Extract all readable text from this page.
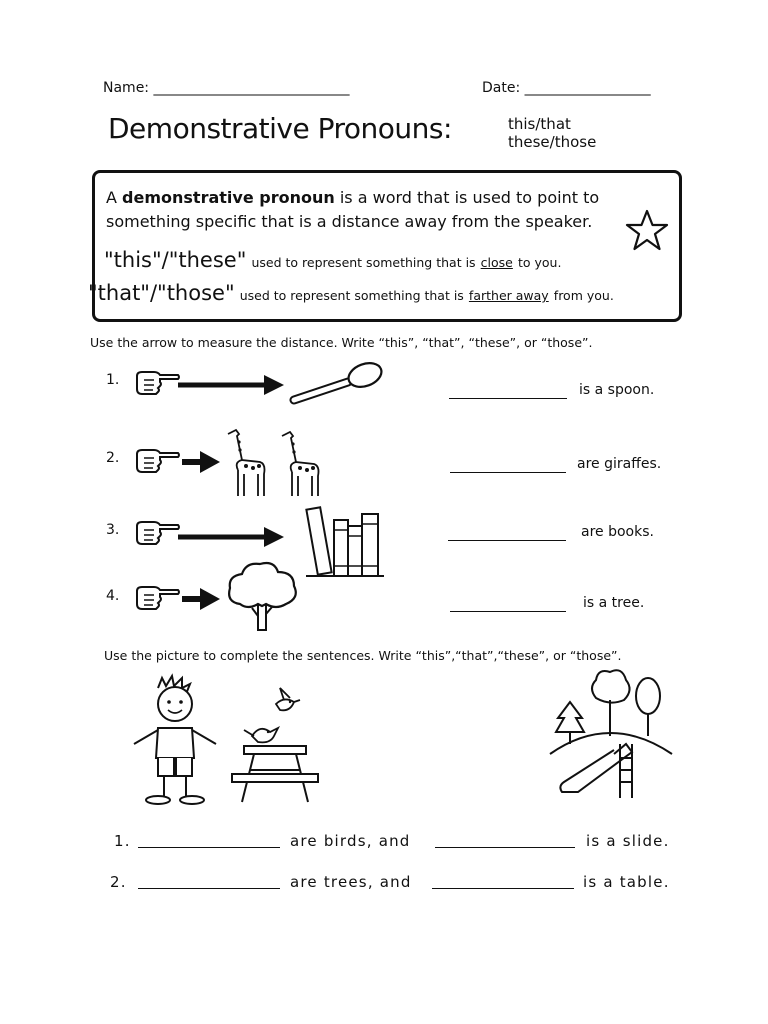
Name: ____________________________	Date: __________________
Demonstrative Pronouns:	this/that
these/those
A demonstrative pronoun is a word that is used to point to
something specific that is a distance away from the speaker.
"this"/"these" used to represent something that is close to you.
"that"/"those" used to represent something that is farther away from you.
Use the arrow to measure the distance. Write “this”, “that”, “these”, or “those”.
1.
is a spoon.
2.	are giraffes.
3.	are books.
4.	is a tree.
Use the picture to complete the sentences. Write “this”,“that”,“these”, or “those”.
1.	are birds, and	is a slide.
2.	are trees, and	is a table.
